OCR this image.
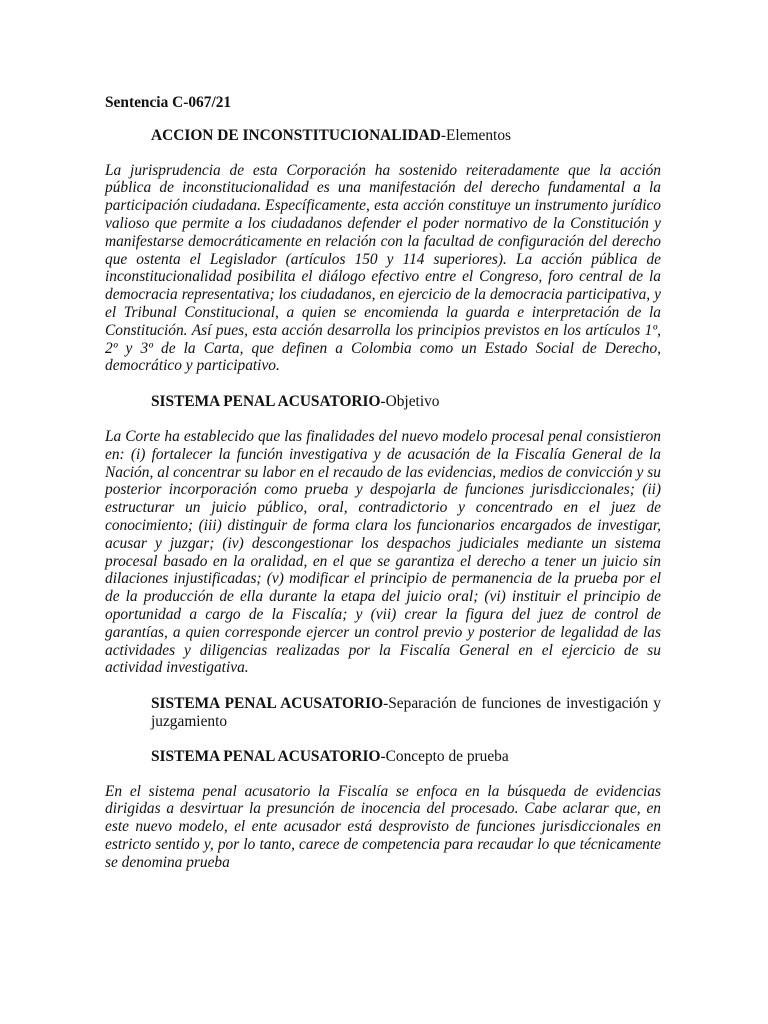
Sentencia C-067/21

ACCION DE INCONSTITUCIONALIDAD-Elementos

La jurisprudencia de esta Corporación ha sostenido reiteradamente que la acción pública de inconstitucionalidad es una manifestación del derecho fundamental a la participación ciudadana. Específicamente, esta acción constituye un instrumento jurídico valioso que permite a los ciudadanos defender el poder normativo de la Constitución y manifestarse democráticamente en relación con la facultad de configuración del derecho que ostenta el Legislador (artículos 150 y 114 superiores). La acción pública de inconstitucionalidad posibilita el diálogo efectivo entre el Congreso, foro central de la democracia representativa; los ciudadanos, en ejercicio de la democracia participativa, y el Tribunal Constitucional, a quien se encomienda la guarda e interpretación de la Constitución. Así pues, esta acción desarrolla los principios previstos en los artículos 1º, 2º y 3º de la Carta, que definen a Colombia como un Estado Social de Derecho, democrático y participativo.

SISTEMA PENAL ACUSATORIO-Objetivo

La Corte ha establecido que las finalidades del nuevo modelo procesal penal consistieron en: (i) fortalecer la función investigativa y de acusación de la Fiscalía General de la Nación, al concentrar su labor en el recaudo de las evidencias, medios de convicción y su posterior incorporación como prueba y despojarla de funciones jurisdiccionales; (ii) estructurar un juicio público, oral, contradictorio y concentrado en el juez de conocimiento; (iii) distinguir de forma clara los funcionarios encargados de investigar, acusar y juzgar; (iv) descongestionar los despachos judiciales mediante un sistema procesal basado en la oralidad, en el que se garantiza el derecho a tener un juicio sin dilaciones injustificadas; (v) modificar el principio de permanencia de la prueba por el de la producción de ella durante la etapa del juicio oral; (vi) instituir el principio de oportunidad a cargo de la Fiscalía; y (vii) crear la figura del juez de control de garantías, a quien corresponde ejercer un control previo y posterior de legalidad de las actividades y diligencias realizadas por la Fiscalía General en el ejercicio de su actividad investigativa.

SISTEMA PENAL ACUSATORIO-Separación de funciones de investigación y juzgamiento

SISTEMA PENAL ACUSATORIO-Concepto de prueba

En el sistema penal acusatorio la Fiscalía se enfoca en la búsqueda de evidencias dirigidas a desvirtuar la presunción de inocencia del procesado. Cabe aclarar que, en este nuevo modelo, el ente acusador está desprovisto de funciones jurisdiccionales en estricto sentido y, por lo tanto, carece de competencia para recaudar lo que técnicamente se denomina prueba
